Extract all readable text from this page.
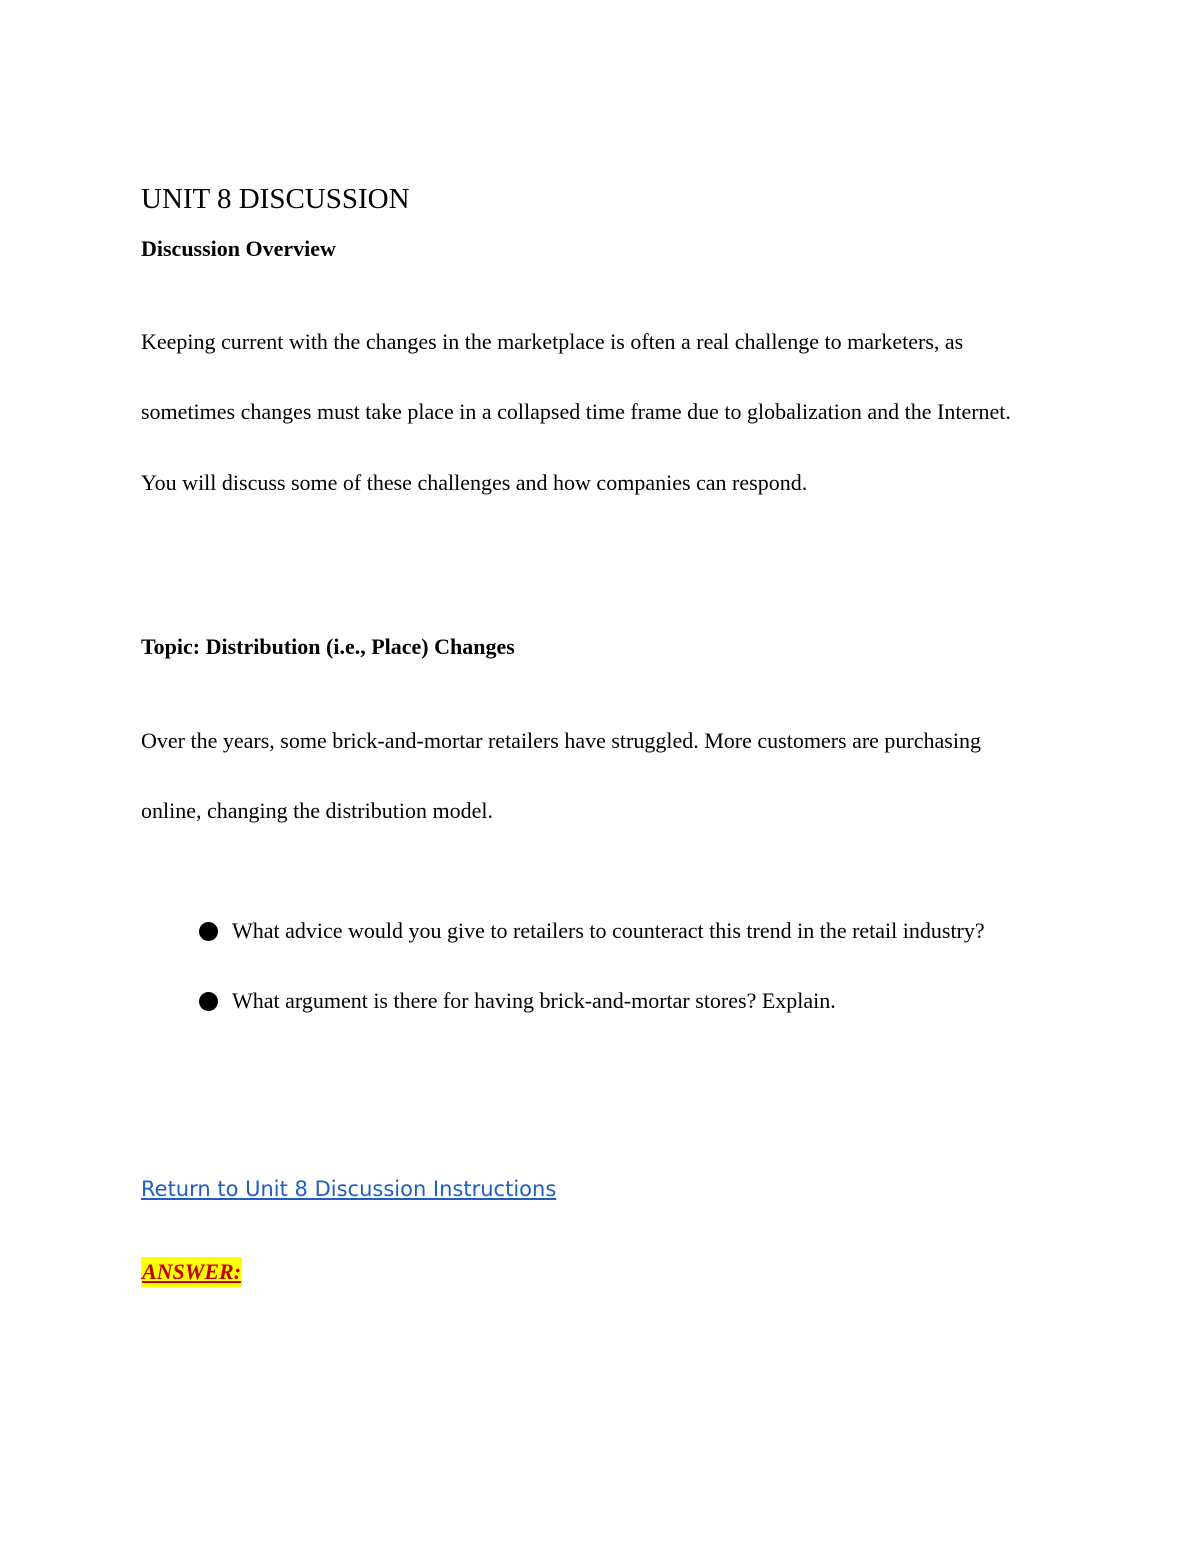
UNIT 8 DISCUSSION
Discussion Overview
Keeping current with the changes in the marketplace is often a real challenge to marketers, as sometimes changes must take place in a collapsed time frame due to globalization and the Internet. You will discuss some of these challenges and how companies can respond.
Topic: Distribution (i.e., Place) Changes
Over the years, some brick-and-mortar retailers have struggled. More customers are purchasing online, changing the distribution model.
What advice would you give to retailers to counteract this trend in the retail industry?
What argument is there for having brick-and-mortar stores? Explain.
Return to Unit 8 Discussion Instructions
ANSWER:
